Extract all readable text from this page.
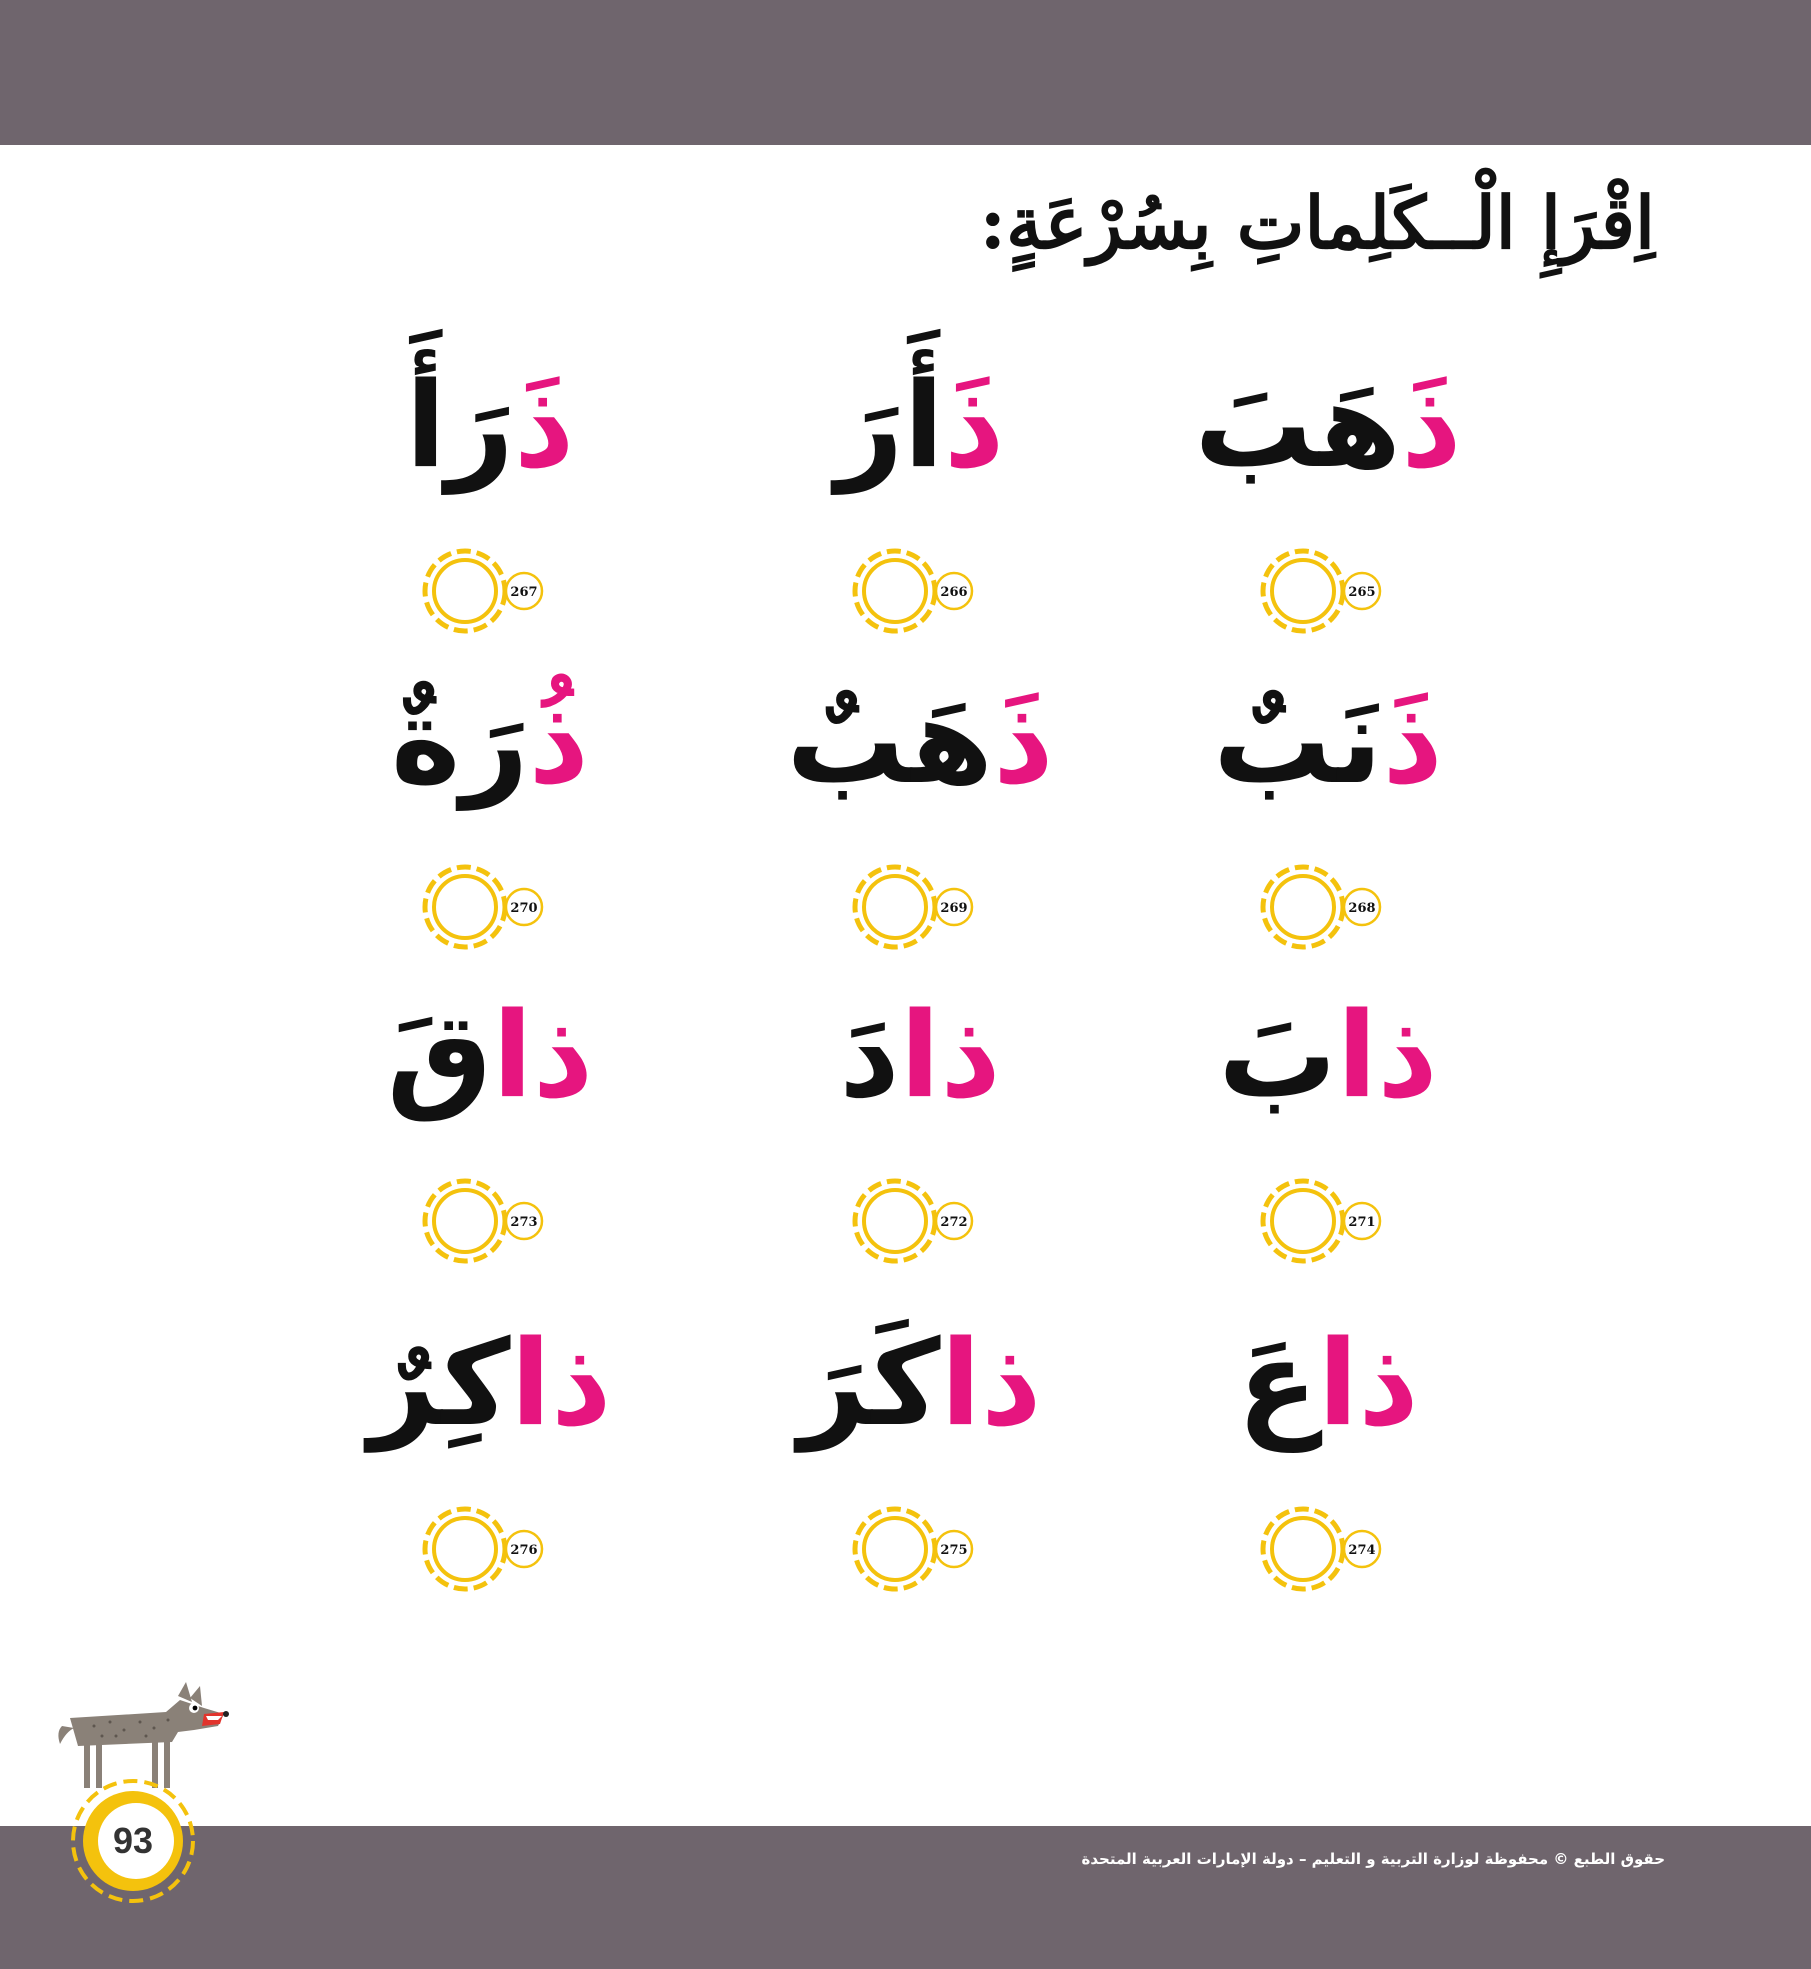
اِقْرَإِ الْــكَلِماتِ بِسُرْعَةٍ:
ذَ
هَبَ
265
ذَ
أَرَ
266
ذَ
رَأَ
267
ذَ
نَبٌ
268
ذَ
هَبٌ
269
ذُ
رَةٌ
270
ذا
بَ
271
ذا
دَ
272
ذا
قَ
273
ذا
عَ
274
ذا
كَرَ
275
ذا
كِرٌ
276
93	حقوق الطبع © محفوظة لوزارة التربية و التعليم – دولة الإمارات العربية المتحدة
